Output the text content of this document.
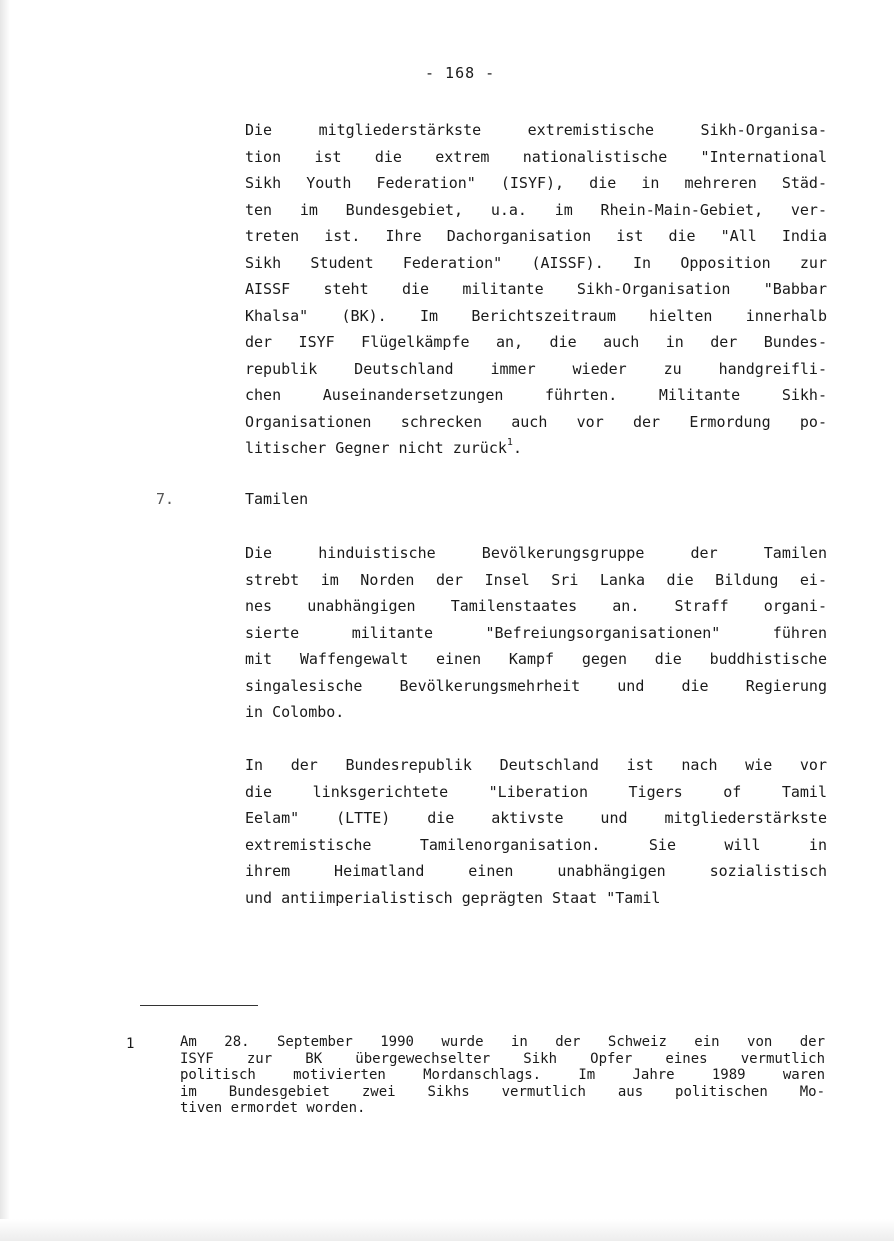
- 168 -
Die mitgliederstärkste extremistische Sikh-Organisa-
tion ist die extrem nationalistische "International
Sikh Youth Federation" (ISYF), die in mehreren Städ-
ten im Bundesgebiet, u.a. im Rhein-Main-Gebiet, ver-
treten ist. Ihre Dachorganisation ist die "All India
Sikh Student Federation" (AISSF). In Opposition zur
AISSF steht die militante Sikh-Organisation "Babbar
Khalsa" (BK). Im Berichtszeitraum hielten innerhalb
der ISYF Flügelkämpfe an, die auch in der Bundes-
republik Deutschland immer wieder zu handgreifli-
chen Auseinandersetzungen führten. Militante Sikh-
Organisationen schrecken auch vor der Ermordung po-
litischer Gegner nicht zurück$^1$.
7.	Tamilen
Die hinduistische Bevölkerungsgruppe der Tamilen
strebt im Norden der Insel Sri Lanka die Bildung ei-
nes unabhängigen Tamilenstaates an. Straff organi-
sierte militante "Befreiungsorganisationen" führen
mit Waffengewalt einen Kampf gegen die buddhistische
singalesische Bevölkerungsmehrheit und die Regierung
in Colombo.
In der Bundesrepublik Deutschland ist nach wie vor
die linksgerichtete "Liberation Tigers of Tamil
Eelam" (LTTE) die aktivste und mitgliederstärkste
extremistische Tamilenorganisation. Sie will in
ihrem Heimatland einen unabhängigen sozialistisch
und antiimperialistisch geprägten Staat "Tamil
1	Am 28. September 1990 wurde in der Schweiz ein von der
ISYF zur BK übergewechselter Sikh Opfer eines vermutlich
politisch motivierten Mordanschlags. Im Jahre 1989 waren
im Bundesgebiet zwei Sikhs vermutlich aus politischen Mo-
tiven ermordet worden.
